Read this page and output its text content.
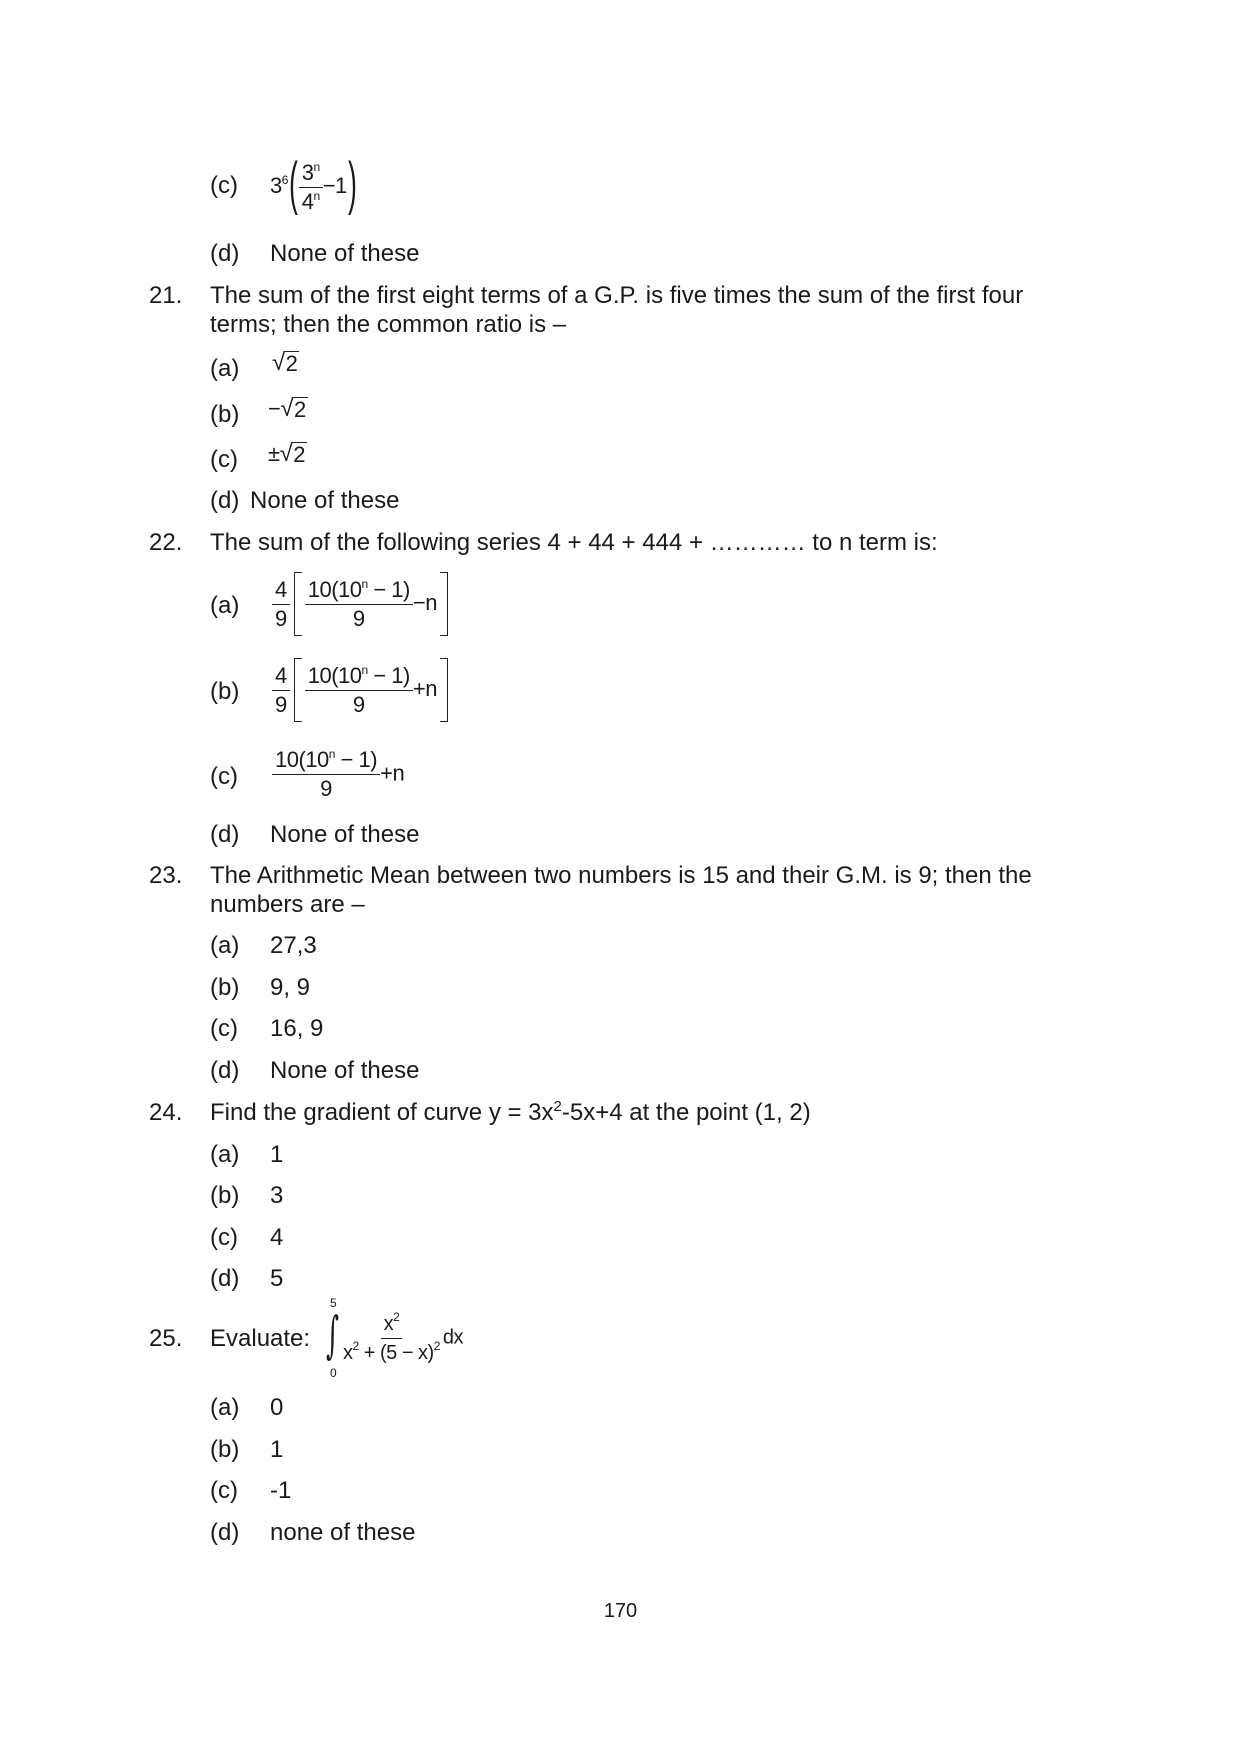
(c) $3^6( \frac{3^n}{4^n} -1)$
(d) None of these
21. The sum of the first eight terms of a G.P. is five times the sum of the first four
terms; then the common ratio is –
(a) √ 2
(b) − √ 2
(c) ± √ 2
(d) None of these
22. The sum of the following series 4 + 44 + 444 + ………… to n term is:
$(a) \frac{4}{9} \frac{10(10^n - 1)}{9} -n$
$(b) \frac{4}{9} \frac{10(10^n - 1)}{9} +n$
$(c) \frac{10(10^n - 1)}{9} +n$
(d) None of these
23. The Arithmetic Mean between two numbers is 15 and their G.M. is 9; then the
numbers are –
(a) 27,3
(b) 9, 9
(c) 16, 9
(d) None of these
24. Find the gradient of curve $y = 3x^2-5x+4$ at the point (1, 2)
(a) 1
(b) 3
(c) 4
(d) 5
25. Evaluate:
5
∫
0
$\frac{x^2}{x^2 + (5 - x)^2}$ dx
(a) 0
(b) 1
(c) -1
(d) none of these
170
